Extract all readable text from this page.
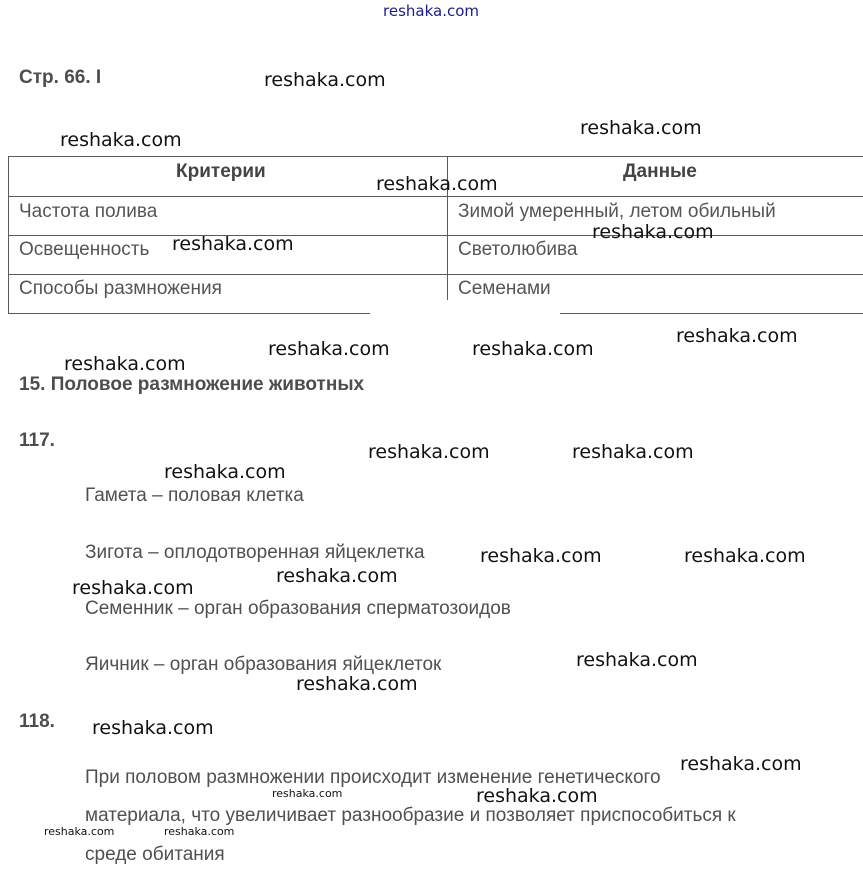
reshaka.com
Стр. 66. I
Критерии	Данные
Частота полива	Зимой умеренный, летом обильный
Освещенность	Светолюбива
Способы размножения	Семенами
15. Половое размножение животных
117.
Гамета – половая клетка
Зигота – оплодотворенная яйцеклетка
Семенник – орган образования сперматозоидов
Яичник – орган образования яйцеклеток
118.
При половом размножении происходит изменение генетического
материала, что увеличивает разнообразие и позволяет приспособиться к
среде обитания
reshaka.com
reshaka.com
reshaka.com
reshaka.com
reshaka.com
reshaka.com
reshaka.com	reshaka.com
reshaka.com
reshaka.com
reshaka.com	reshaka.com
reshaka.com
reshaka.com	reshaka.com
reshaka.com
reshaka.com
reshaka.com
reshaka.com
reshaka.com
reshaka.com
reshaka.com
reshaka.com
reshaka.com	reshaka.com
